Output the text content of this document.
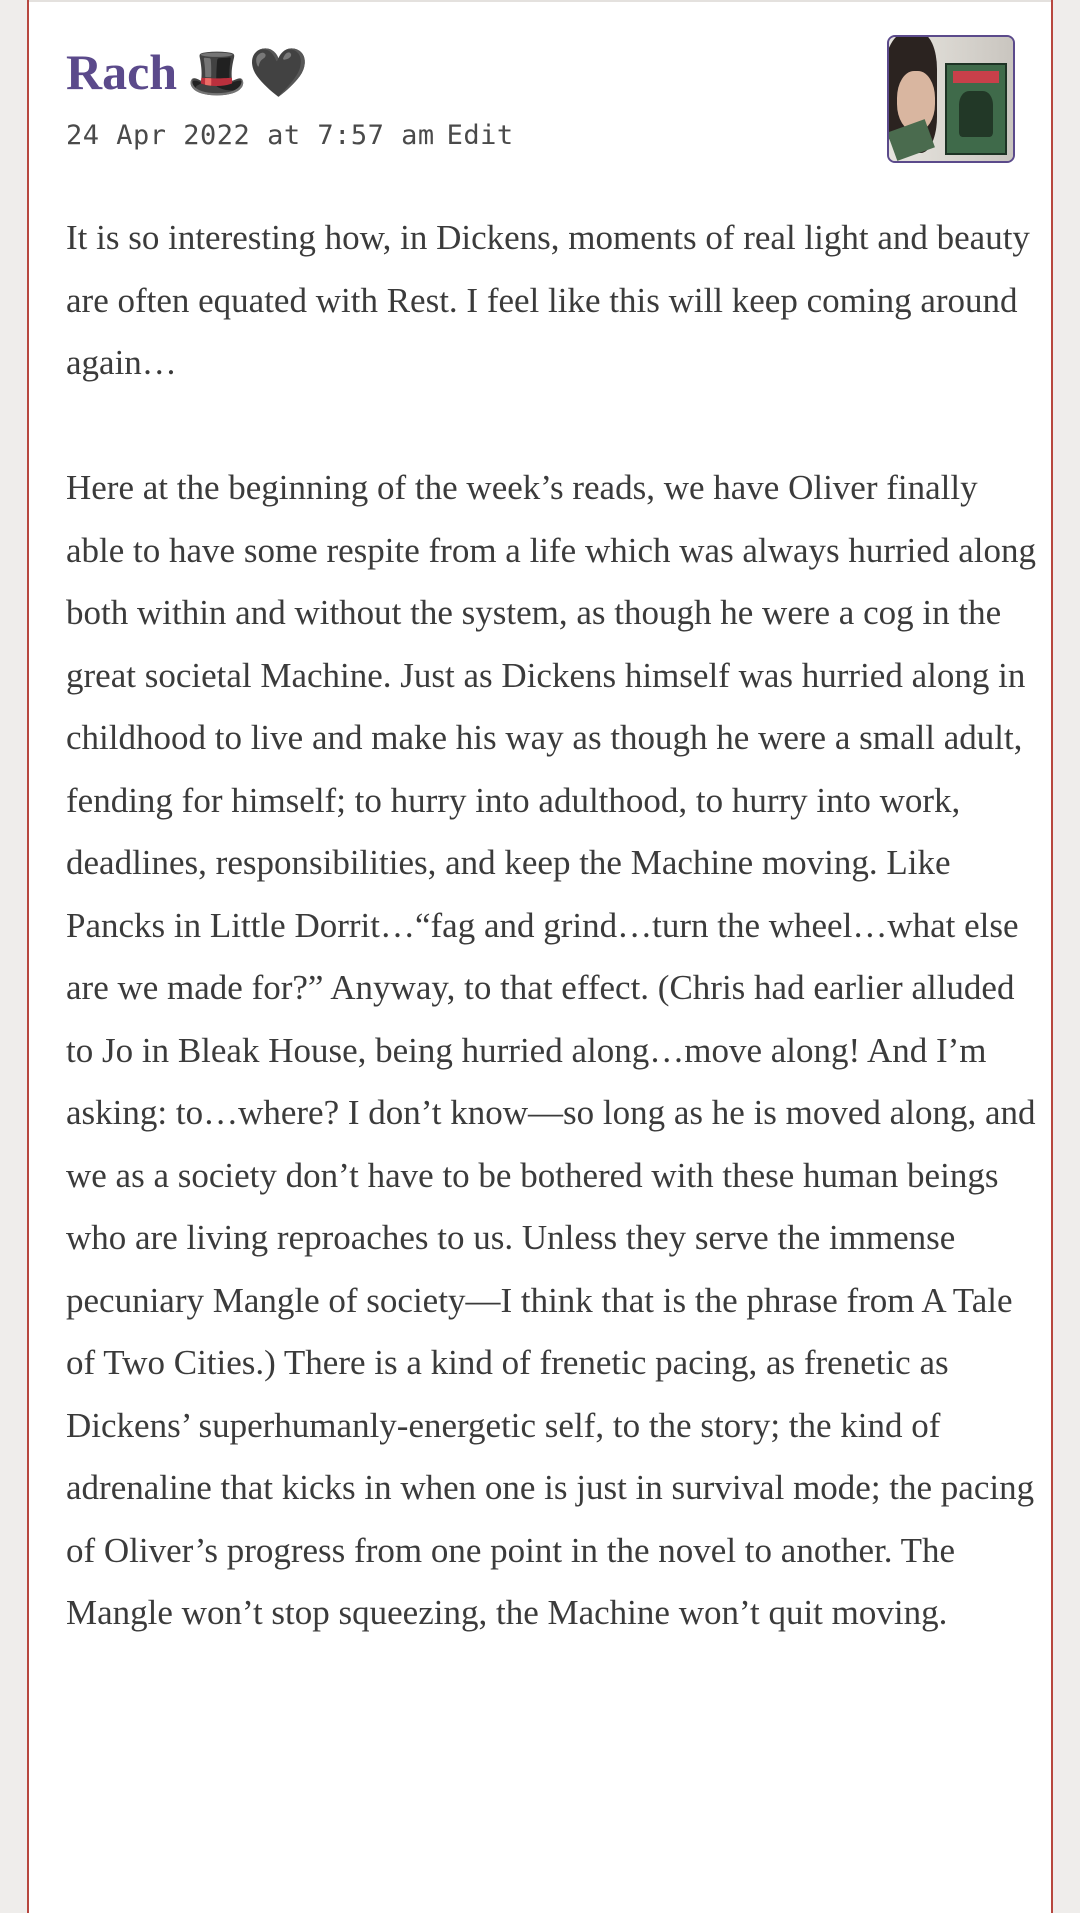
Rach 🎩🖤
24 Apr 2022 at 7:57 am Edit

It is so interesting how, in Dickens, moments of real light and beauty are often equated with Rest. I feel like this will keep coming around again…

Here at the beginning of the week’s reads, we have Oliver finally able to have some respite from a life which was always hurried along both within and without the system, as though he were a cog in the great societal Machine. Just as Dickens himself was hurried along in childhood to live and make his way as though he were a small adult, fending for himself; to hurry into adulthood, to hurry into work, deadlines, responsibilities, and keep the Machine moving. Like Pancks in Little Dorrit…“fag and grind…turn the wheel…what else are we made for?” Anyway, to that effect. (Chris had earlier alluded to Jo in Bleak House, being hurried along…move along! And I’m asking: to…where? I don’t know—so long as he is moved along, and we as a society don’t have to be bothered with these human beings who are living reproaches to us. Unless they serve the immense pecuniary Mangle of society—I think that is the phrase from A Tale of Two Cities.) There is a kind of frenetic pacing, as frenetic as Dickens’ superhumanly-energetic self, to the story; the kind of adrenaline that kicks in when one is just in survival mode; the pacing of Oliver’s progress from one point in the novel to another. The Mangle won’t stop squeezing, the Machine won’t quit moving.
